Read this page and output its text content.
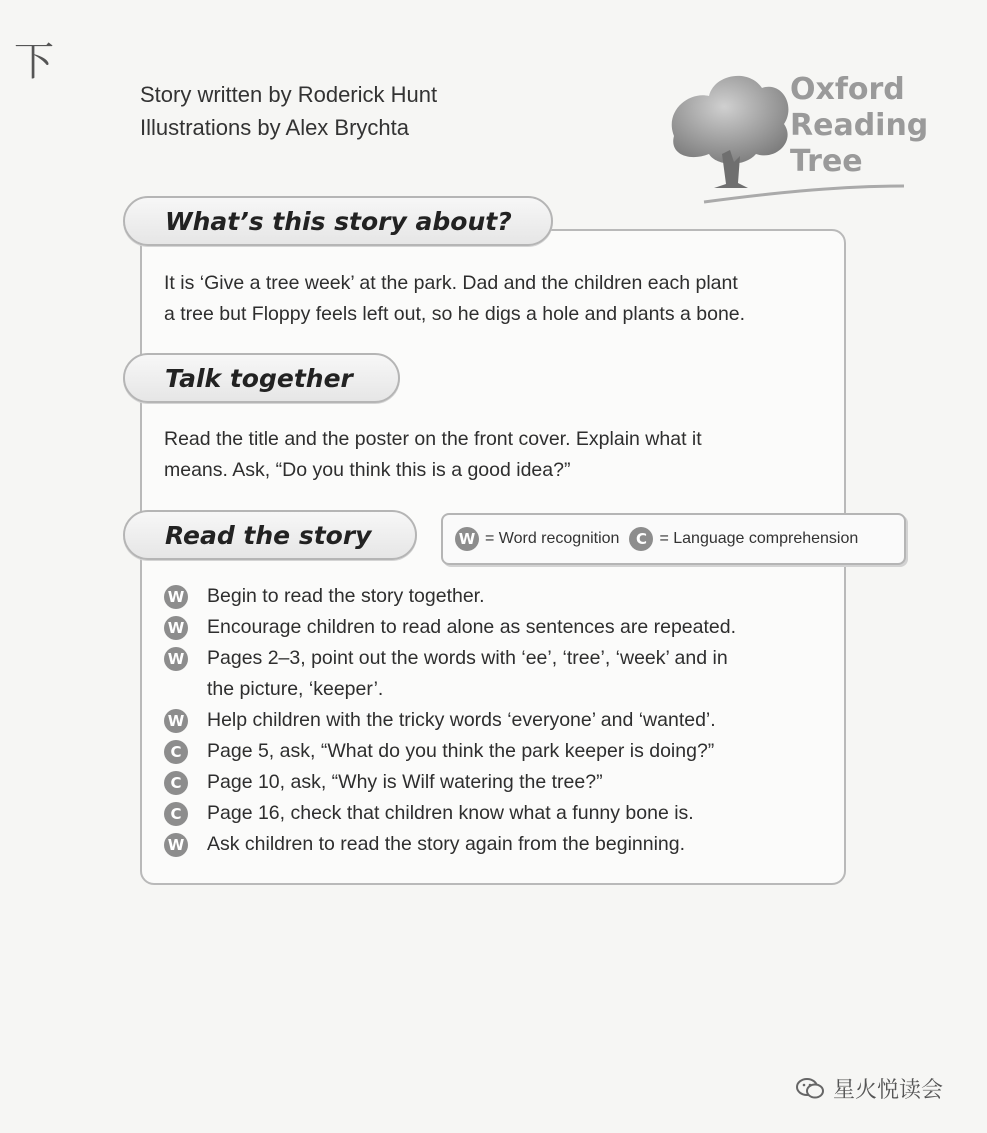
下
Story written by Roderick Hunt
Illustrations by Alex Brychta
Oxford
Reading
Tree
What’s this story about?
It is ‘Give a tree week’ at the park. Dad and the children each plant
a tree but Floppy feels left out, so he digs a hole and plants a bone.
Talk together
Read the title and the poster on the front cover. Explain what it
means. Ask, “Do you think this is a good idea?”
Read the story	W = Word recognition	C = Language comprehension
W Begin to read the story together.
W Encourage children to read alone as sentences are repeated.
W Pages 2–3, point out the words with ‘ee’, ‘tree’, ‘week’ and in
the picture, ‘keeper’.
W Help children with the tricky words ‘everyone’ and ‘wanted’.
C	Page 5, ask, “What do you think the park keeper is doing?”
C	Page 10, ask, “Why is Wilf watering the tree?”
C	Page 16, check that children know what a funny bone is.
W Ask children to read the story again from the beginning.
星火悦读会
